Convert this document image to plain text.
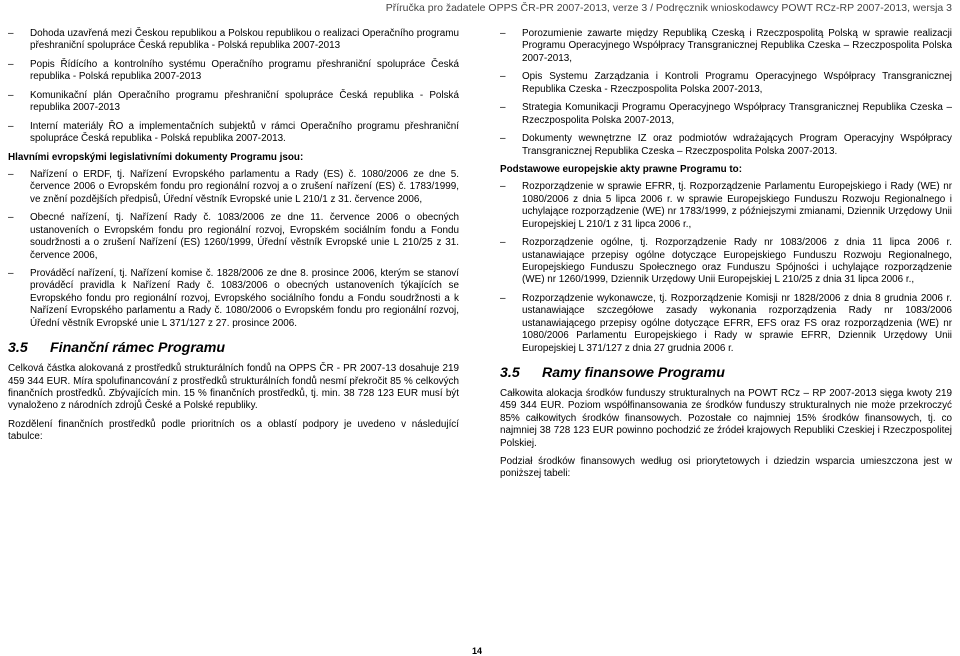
Příručka pro žadatele OPPS ČR-PR 2007-2013, verze 3 / Podręcznik wnioskodawcy POWT RCz-RP 2007-2013, wersja 3
– Dohoda uzavřená mezi Českou republikou a Polskou republikou o realizaci Operačního programu přeshraniční spolupráce Česká republika - Polská republika 2007-2013
– Popis Řídícího a kontrolního systému Operačního programu přeshraniční spolupráce Česká republika - Polská republika 2007-2013
– Komunikační plán Operačního programu přeshraniční spolupráce Česká republika - Polská republika 2007-2013
– Interní materiály ŘO a implementačních subjektů v rámci Operačního programu přeshraniční spolupráce Česká republika - Polská republika 2007-2013.
Hlavními evropskými legislativními dokumenty Programu jsou:
– Nařízení o ERDF, tj. Nařízení Evropského parlamentu a Rady (ES) č. 1080/2006 ze dne 5. července 2006 o Evropském fondu pro regionální rozvoj a o zrušení nařízení (ES) č. 1783/1999, ve znění pozdějších předpisů, Úřední věstník Evropské unie L 210/1 z 31. července 2006,
– Obecné nařízení, tj. Nařízení Rady č. 1083/2006 ze dne 11. července 2006 o obecných ustanoveních o Evropském fondu pro regionální rozvoj, Evropském sociálním fondu a Fondu soudržnosti a o zrušení Nařízení (ES) 1260/1999, Úřední věstník Evropské unie L 210/25 z 31. července 2006,
– Prováděcí nařízení, tj. Nařízení komise č. 1828/2006 ze dne 8. prosince 2006, kterým se stanoví prováděcí pravidla k Nařízení Rady č. 1083/2006 o obecných ustanoveních týkajících se Evropského fondu pro regionální rozvoj, Evropského sociálního fondu a Fondu soudržnosti a k Nařízení Evropského parlamentu a Rady č. 1080/2006 o Evropském fondu pro regionální rozvoj, Úřední věstník Evropské unie L 371/127 z 27. prosince 2006.
3.5	Finanční rámec Programu
Celková částka alokovaná z prostředků strukturálních fondů na OPPS ČR - PR 2007-13 dosahuje 219 459 344 EUR. Míra spolufinancování z prostředků strukturálních fondů nesmí překročit 85 % celkových finančních prostředků. Zbývajících min. 15 % finančních prostředků, tj. min. 38 728 123 EUR musí být vynaloženo z národních zdrojů České a Polské republiky.
Rozdělení finančních prostředků podle prioritních os a oblastí podpory je uvedeno v následující tabulce:
– Porozumienie zawarte między Republiką Czeską i Rzeczpospolitą Polską w sprawie realizacji Programu Operacyjnego Współpracy Transgranicznej Republika Czeska – Rzeczpospolita Polska 2007-2013,
– Opis Systemu Zarządzania i Kontroli Programu Operacyjnego Współpracy Transgranicznej Republika Czeska - Rzeczpospolita Polska 2007-2013,
– Strategia Komunikacji Programu Operacyjnego Współpracy Transgranicznej Republika Czeska – Rzeczpospolita Polska 2007-2013,
– Dokumenty wewnętrzne IZ oraz podmiotów wdrażających Program Operacyjny Współpracy Transgranicznej Republika Czeska – Rzeczpospolita Polska 2007-2013.
Podstawowe europejskie akty prawne Programu to:
– Rozporządzenie w sprawie EFRR, tj. Rozporządzenie Parlamentu Europejskiego i Rady (WE) nr 1080/2006 z dnia 5 lipca 2006 r. w sprawie Europejskiego Funduszu Rozwoju Regionalnego i uchylające rozporządzenie (WE) nr 1783/1999, z późniejszymi zmianami, Dziennik Urzędowy Unii Europejskiej L 210/1 z 31 lipca 2006 r.,
– Rozporządzenie ogólne, tj. Rozporządzenie Rady nr 1083/2006 z dnia 11 lipca 2006 r. ustanawiające przepisy ogólne dotyczące Europejskiego Funduszu Rozwoju Regionalnego, Europejskiego Funduszu Społecznego oraz Funduszu Spójności i uchylające rozporządzenie (WE) nr 1260/1999, Dziennik Urzędowy Unii Europejskiej L 210/25 z dnia 31 lipca 2006 r.,
– Rozporządzenie wykonawcze, tj. Rozporządzenie Komisji nr 1828/2006 z dnia 8 grudnia 2006 r. ustanawiające szczegółowe zasady wykonania rozporządzenia Rady nr 1083/2006 ustanawiającego przepisy ogólne dotyczące EFRR, EFS oraz FS oraz rozporządzenia (WE) nr 1080/2006 Parlamentu Europejskiego i Rady w sprawie EFRR, Dziennik Urzędowy Unii Europejskiej L 371/127 z dnia 27 grudnia 2006 r.
3.5	Ramy finansowe Programu
Całkowita alokacja środków funduszy strukturalnych na POWT RCz – RP 2007-2013 sięga kwoty 219 459 344 EUR. Poziom współfinansowania ze środków funduszy strukturalnych nie może przekroczyć 85% całkowitych środków finansowych. Pozostałe co najmniej 15% środków finansowych, tj. co najmniej 38 728 123 EUR powinno pochodzić ze źródeł krajowych Republiki Czeskiej i Rzeczpospolitej Polskiej.
Podział środków finansowych według osi priorytetowych i dziedzin wsparcia umieszczona jest w poniższej tabeli:
14
